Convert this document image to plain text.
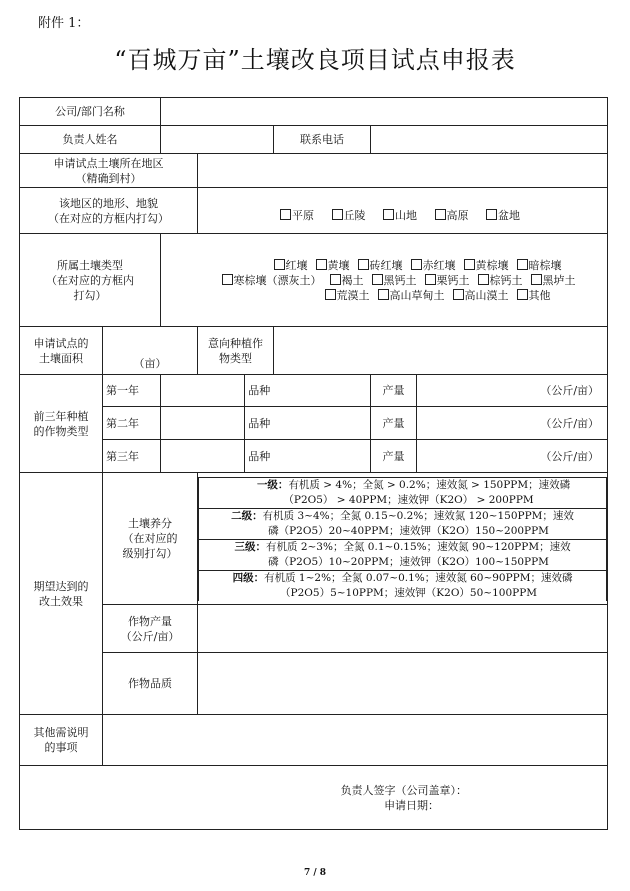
附件 1：
“百城万亩”土壤改良项目试点申报表
公司/部门名称	
负责人姓名		联系电话	

申请试点土壤所在地区
（精确到村）

该地区的地形、地貌
（在对应的方框内打勾）	平原	丘陵	山地	高原	盆地

所属土壤类型
（在对应的方框内
打勾）

红壤 黄壤 砖红壤 赤红壤 黄棕壤 暗棕壤
寒棕壤（漂灰土） 褐土 黑钙土 栗钙土 棕钙土 黑垆土
荒漠土 高山草甸土 高山漠土 其他

申请试点的
土壤面积	（亩）	
意向种植作
物类型

前三年种植
的作物类型
	第一年		品种		产量	（公斤/亩）
第二年		品种		产量	（公斤/亩）
第三年		品种		产量	（公斤/亩）

期望达到的
改土效果

土壤养分
（在对应的
级别打勾）

一级：有机质 > 4%；全氮 > 0.2%；速效氮 > 150PPM；速效磷
（P2O5） > 40PPM；速效钾（K2O） > 200PPM

二级：有机质 3~4%；全氮 0.15~0.2%；速效氮 120~150PPM；速效
磷（P2O5）20~40PPM；速效钾（K2O）150~200PPM

三级：有机质 2~3%；全氮 0.1~0.15%；速效氮 90~120PPM；速效
磷（P2O5）10~20PPM；速效钾（K2O）100~150PPM

四级：有机质 1~2%；全氮 0.07~0.1%；速效氮 60~90PPM；速效磷
（P2O5）5~10PPM；速效钾（K2O）50~100PPM

作物产量
（公斤/亩）

作物品质	

其他需说明
的事项

负责人签字（公司盖章）：
申请日期：
7 / 8
